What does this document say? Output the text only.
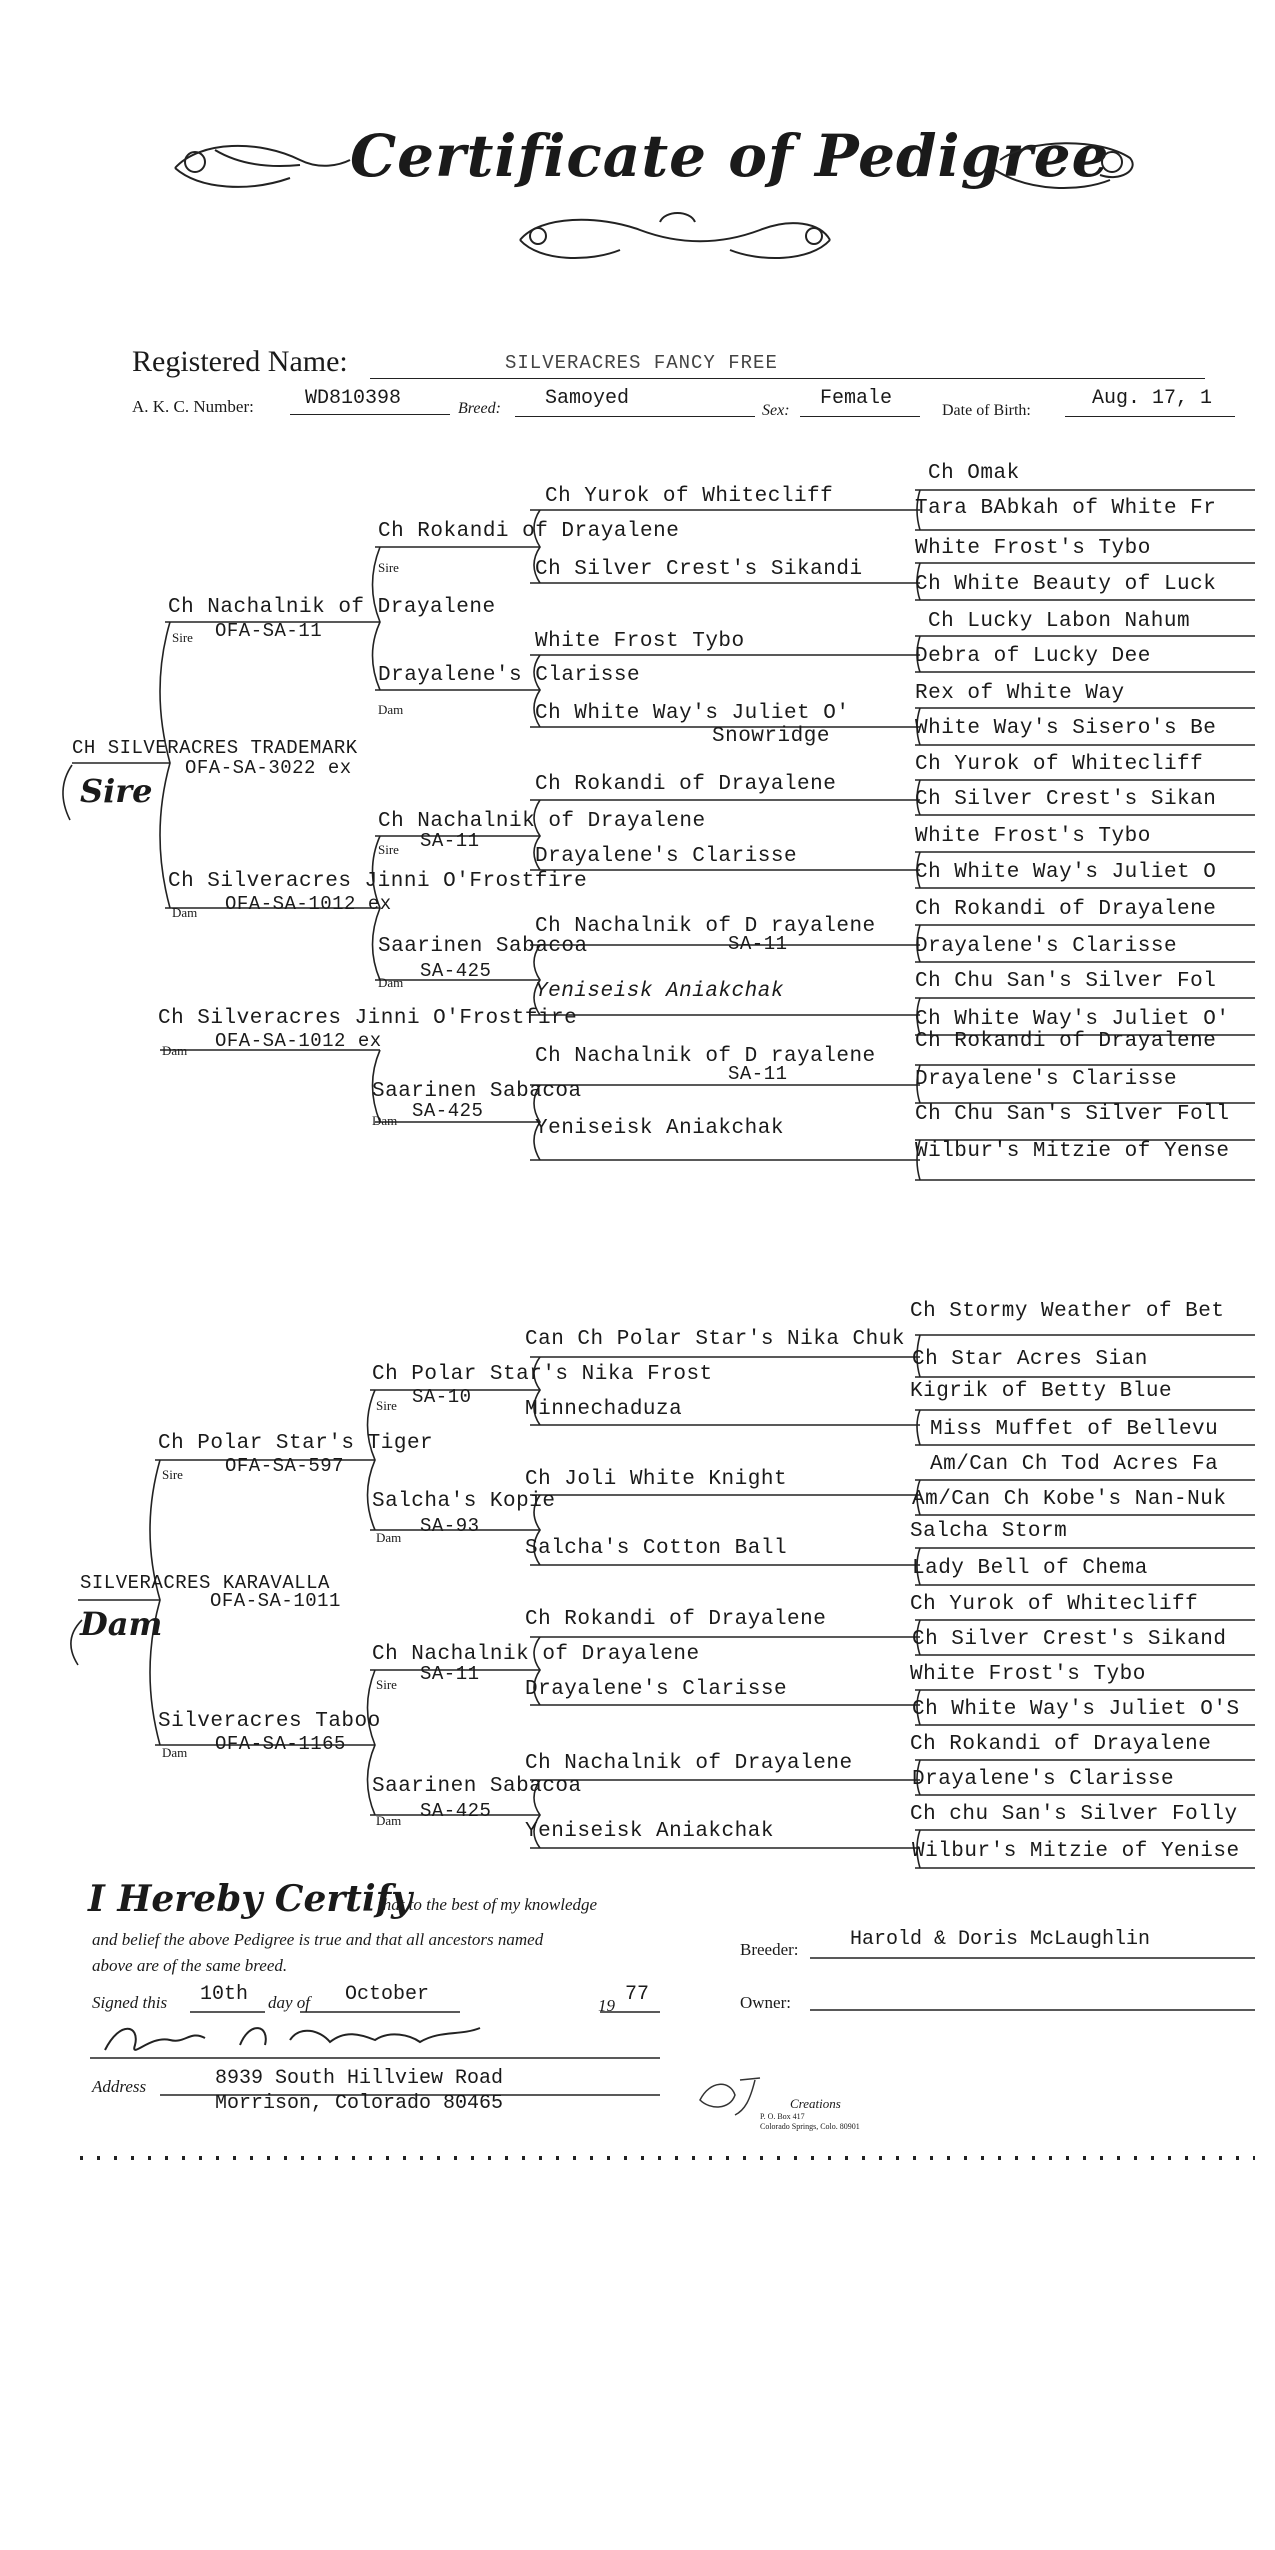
Certificate of Pedigree
Registered Name:	SILVERACRES FANCY FREE
A. K. C. Number:	WD810398	Breed: Samoyed
Sex:
Female
Date of Birth:
Aug. 17, 1
Sire
CH SILVERACRES TRADEMARK
OFA-SA-3022 ex
Ch Nachalnik of Drayalene
Sire OFA-SA-11
Ch Rokandi of Drayalene
Sire
Ch Yurok of Whitecliff
Ch Silver Crest's Sikandi
Drayalene's Clarisse
Dam
White Frost Tybo
Ch White Way's Juliet O'
Snowridge
Ch Silveracres Jinni O'Frostfire
Dam OFA-SA-1012 ex
Ch Nachalnik of Drayalene
Sire SA-11
Ch Rokandi of Drayalene
Drayalene's Clarisse
Saarinen Sabacoa
Dam
SA-425
Ch Nachalnik of D rayalene
SA-11
Yeniseisk Aniakchak
Ch Omak
Tara BAbkah of White Fr
White Frost's Tybo
Ch White Beauty of Luck
Ch Lucky Labon Nahum
Debra of Lucky Dee
Rex of White Way
White Way's Sisero's Be
Ch Yurok of Whitecliff
Ch Silver Crest's Sikan
White Frost's Tybo
Ch White Way's Juliet O
Ch Rokandi of Drayalene
Drayalene's Clarisse
Ch Chu San's Silver Fol
Ch White Way's Juliet O'
Ch Silveracres Jinni O'Frostfire
Dam OFA-SA-1012 ex
Ch Nachalnik of D rayalene
SA-11
Saarinen Sabacoa
Dam SA-425
Yeniseisk Aniakchak
Ch Rokandi of Drayalene
Drayalene's Clarisse
Ch Chu San's Silver Foll
Wilbur's Mitzie of Yense
Dam
SILVERACRES KARAVALLA
OFA-SA-1011
Ch Polar Star's Tiger
Sire OFA-SA-597
Ch Polar Star's Nika Frost
Sire SA-10
Can Ch Polar Star's Nika Chuk
Minnechaduza
Salcha's Kopie
Dam
SA-93
Ch Joli White Knight
Salcha's Cotton Ball
Silveracres Taboo
Dam OFA-SA-1165
Ch Nachalnik of Drayalene
Sire SA-11
Ch Rokandi of Drayalene
Drayalene's Clarisse
Saarinen Sabacoa
Dam SA-425
Ch Nachalnik of Drayalene
Yeniseisk Aniakchak
Ch Stormy Weather of Bet
Ch Star Acres Sian
Kigrik of Betty Blue
Miss Muffet of Bellevu
Am/Can Ch Tod Acres Fa
Am/Can Ch Kobe's Nan-Nuk
Salcha Storm
Lady Bell of Chema
Ch Yurok of Whitecliff
Ch Silver Crest's Sikand
White Frost's Tybo
Ch White Way's Juliet O'S
Ch Rokandi of Drayalene
Drayalene's Clarisse
Ch chu San's Silver Folly
Wilbur's Mitzie of Yenise
I Hereby Certify
that to the best of my knowledge
and belief the above Pedigree is true and that all ancestors named
above are of the same breed.
Signed this 10th day of October	19 77
Address	8939 South Hillview Road
Morrison, Colorado 80465
Breeder:	Harold & Doris McLaughlin
Owner:
Creations
P. O. Box 417
Colorado Springs, Colo. 80901
